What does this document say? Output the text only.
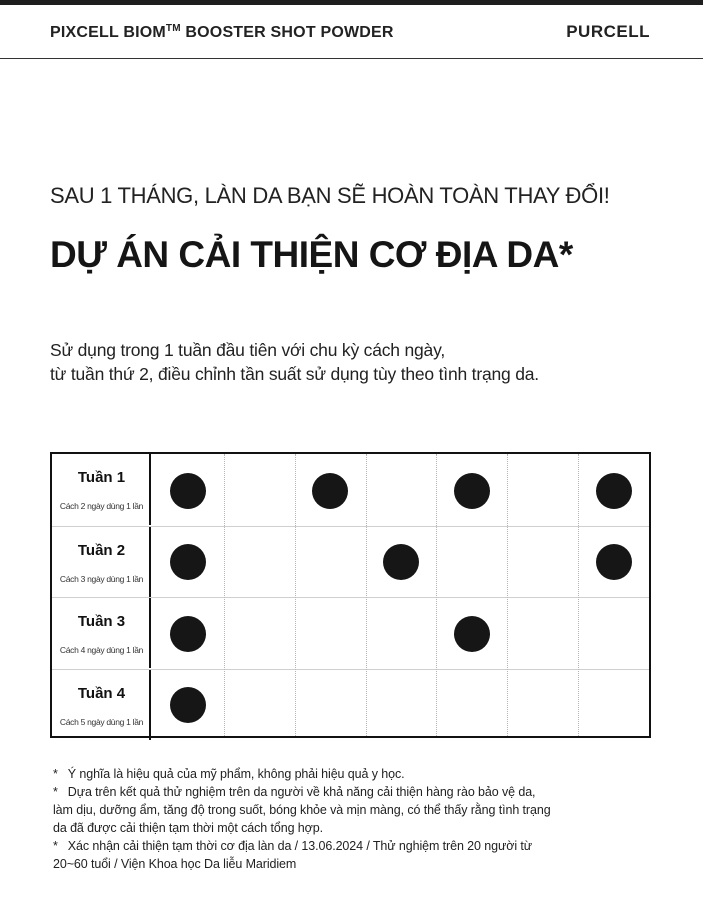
PIXCELL BIOM™ BOOSTER SHOT POWDER	PURCELL
SAU 1 THÁNG, LÀN DA BẠN SẼ HOÀN TOÀN THAY ĐỔI!
DỰ ÁN CẢI THIỆN CƠ ĐỊA DA*
Sử dụng trong 1 tuần đầu tiên với chu kỳ cách ngày,
từ tuần thứ 2, điều chỉnh tần suất sử dụng tùy theo tình trạng da.
Tuần 1
Cách 2 ngày dùng 1 lần
Tuần 2
Cách 3 ngày dùng 1 lần
Tuần 3
Cách 4 ngày dùng 1 lần
Tuần 4
Cách 5 ngày dùng 1 lần
* Ý nghĩa là hiệu quả của mỹ phẩm, không phải hiệu quả y học.
* Dựa trên kết quả thử nghiệm trên da người về khả năng cải thiện hàng rào bảo vệ da,
làm dịu, dưỡng ẩm, tăng độ trong suốt, bóng khỏe và mịn màng, có thể thấy rằng tình trạng
da đã được cải thiện tạm thời một cách tổng hợp.
* Xác nhận cải thiện tạm thời cơ địa làn da / 13.06.2024 / Thử nghiệm trên 20 người từ
20~60 tuổi / Viện Khoa học Da liễu Maridiem
